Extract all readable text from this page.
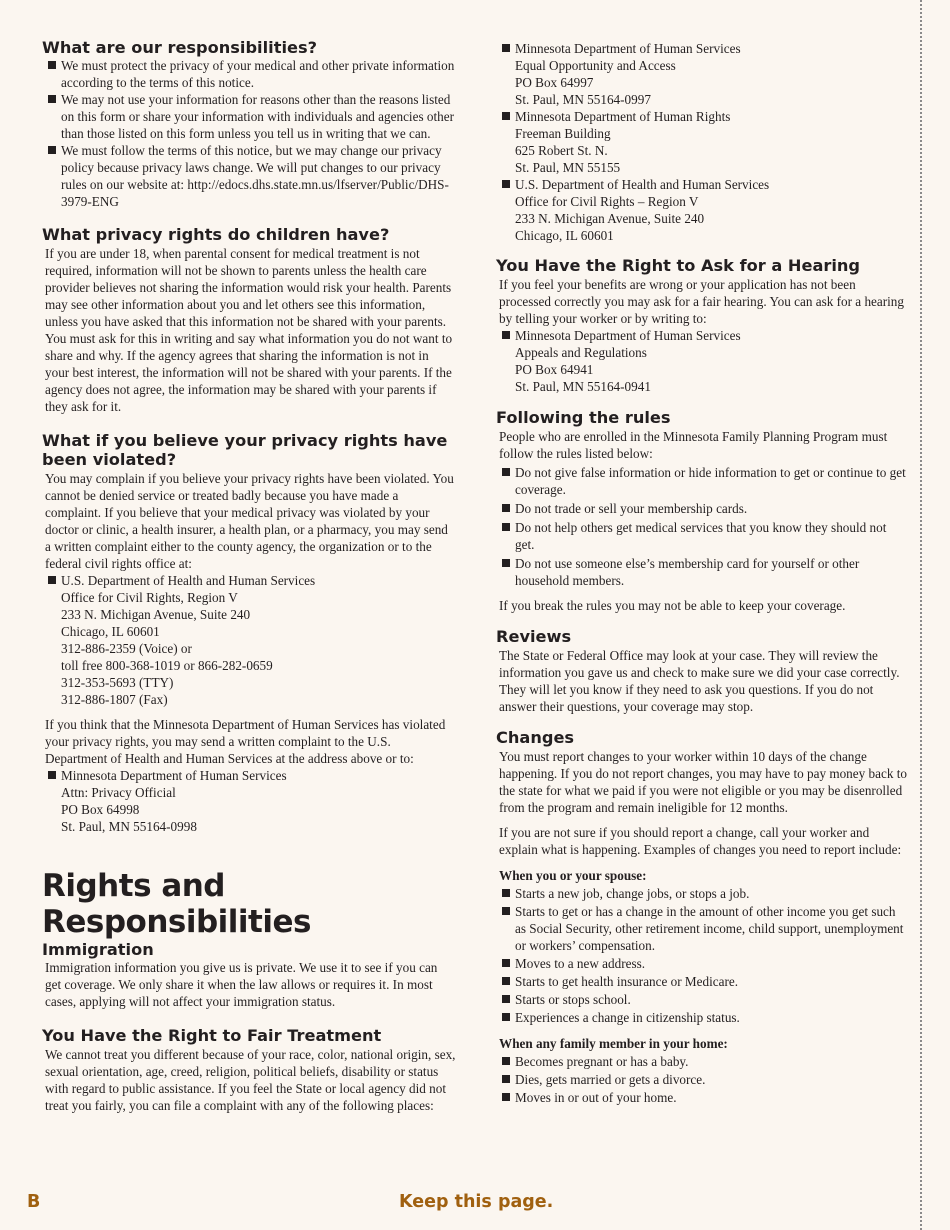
What are our responsibilities?
We must protect the privacy of your medical and other private information according to the terms of this notice.
We may not use your information for reasons other than the reasons listed on this form or share your information with individuals and agencies other than those listed on this form unless you tell us in writing that we can.
We must follow the terms of this notice, but we may change our privacy policy because privacy laws change. We will put changes to our privacy rules on our website at: http://edocs.dhs.state.mn.us/lfserver/Public/DHS-3979-ENG
What privacy rights do children have?

If you are under 18, when parental consent for medical treatment is not required, information will not be shown to parents unless the health care provider believes not sharing the information would risk your health. Parents may see other information about you and let others see this information, unless you have asked that this information not be shared with your parents. You must ask for this in writing and say what information you do not want to share and why. If the agency agrees that sharing the information is not in your best interest, the information will not be shared with your parents. If the agency does not agree, the information may be shared with your parents if they ask for it.

What if you believe your privacy rights have been violated?

You may complain if you believe your privacy rights have been violated. You cannot be denied service or treated badly because you have made a complaint. If you believe that your medical privacy was violated by your doctor or clinic, a health insurer, a health plan, or a pharmacy, you may send a written complaint either to the county agency, the organization or to the federal civil rights office at:

U.S. Department of Health and Human Services
Office for Civil Rights, Region V
233 N. Michigan Avenue, Suite 240
Chicago, IL 60601
312-886-2359 (Voice) or
toll free 800-368-1019 or 866-282-0659
312-353-5693 (TTY)
312-886-1807 (Fax)

If you think that the Minnesota Department of Human Services has violated your privacy rights, you may send a written complaint to the U.S. Department of Health and Human Services at the address above or to:

Minnesota Department of Human Services
Attn: Privacy Official
PO Box 64998
St. Paul, MN 55164-0998
Rights and Responsibilities
Immigration

Immigration information you give us is private. We use it to see if you can get coverage. We only share it when the law allows or requires it. In most cases, applying will not affect your immigration status.

You Have the Right to Fair Treatment

We cannot treat you different because of your race, color, national origin, sex, sexual orientation, age, creed, religion, political beliefs, disability or status with regard to public assistance. If you feel the State or local agency did not treat you fairly, you can file a complaint with any of the following places:

Minnesota Department of Human Services
Equal Opportunity and Access
PO Box 64997
St. Paul, MN 55164-0997
Minnesota Department of Human Rights
Freeman Building
625 Robert St. N.
St. Paul, MN 55155
U.S. Department of Health and Human Services
Office for Civil Rights – Region V
233 N. Michigan Avenue, Suite 240
Chicago, IL 60601
You Have the Right to Ask for a Hearing

If you feel your benefits are wrong or your application has not been processed correctly you may ask for a fair hearing. You can ask for a hearing by telling your worker or by writing to:

Minnesota Department of Human Services
Appeals and Regulations
PO Box 64941
St. Paul, MN 55164-0941
Following the rules

People who are enrolled in the Minnesota Family Planning Program must follow the rules listed below:

Do not give false information or hide information to get or continue to get coverage.
Do not trade or sell your membership cards.
Do not help others get medical services that you know they should not get.
Do not use someone else’s membership card for yourself or other household members.

If you break the rules you may not be able to keep your coverage.

Reviews

The State or Federal Office may look at your case. They will review the information you gave us and check to make sure we did your case correctly. They will let you know if they need to ask you questions. If you do not answer their questions, your coverage may stop.

Changes

You must report changes to your worker within 10 days of the change happening. If you do not report changes, you may have to pay money back to the state for what we paid if you were not eligible or you may be disenrolled from the program and remain ineligible for 12 months.

If you are not sure if you should report a change, call your worker and explain what is happening. Examples of changes you need to report include:

When you or your spouse:

Starts a new job, change jobs, or stops a job.
Starts to get or has a change in the amount of other income you get such as Social Security, other retirement income, child support, unemployment or workers’ compensation.
Moves to a new address.
Starts to get health insurance or Medicare.
Starts or stops school.
Experiences a change in citizenship status.

When any family member in your home:

Becomes pregnant or has a baby.
Dies, gets married or gets a divorce.
Moves in or out of your home.
B	Keep this page.
